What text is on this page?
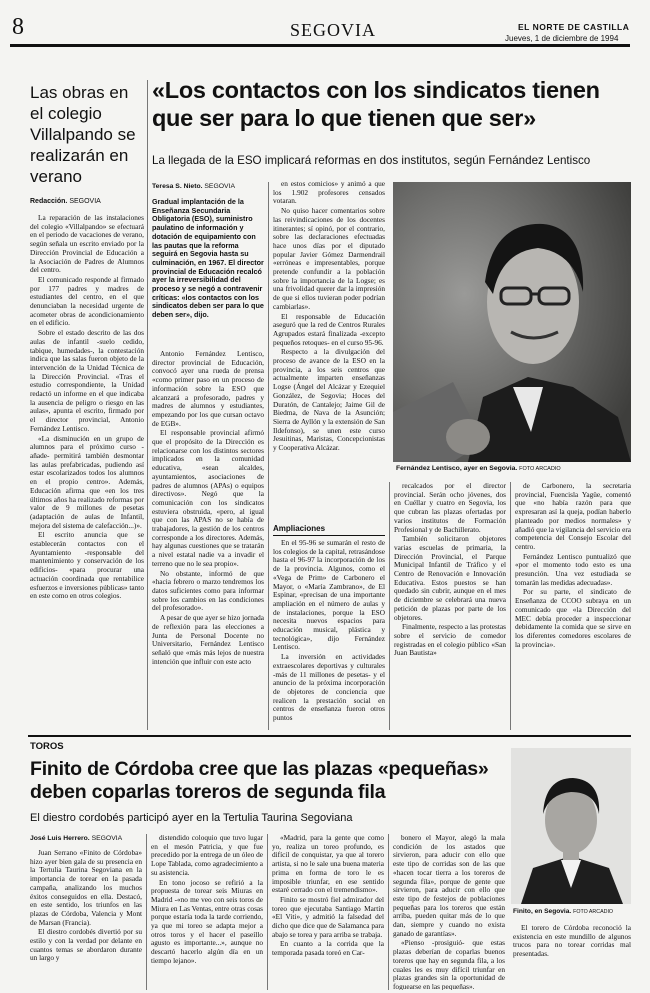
8	SEGOVIA	EL NORTE DE CASTILLA
Jueves, 1 de diciembre de 1994
Las obras en el colegio Villalpando se realizarán en verano
Redacción. SEGOVIA

La reparación de las instalaciones del colegio «Villalpando» se efectuará en el periodo de vacaciones de verano, según señala un escrito enviado por la Dirección Provincial de Educación a la Asociación de Padres de Alumnos del centro.

El comunicado responde al firmado por 177 padres y madres de estudiantes del centro, en el que denunciaban la necesidad urgente de acometer obras de acondicionamiento en el edificio.

Sobre el estado descrito de las dos aulas de infantil -suelo cedido, tabique, humedades-, la contestación indica que las salas fueron objeto de la intervención de la Unidad Técnica de la Dirección Provincial. «Tras el estudio correspondiente, la Unidad redactó un informe en el que indicaba la ausencia de peligro o riesgo en las aulas», apunta el escrito, firmado por el director provincial, Antonio Fernández Lentisco.

«La disminución en un grupo de alumnos para el próximo curso -añade- permitirá también desmontar las aulas prefabricadas, pudiendo así estar escolarizados todos los alumnos en el propio centro». Además, Educación afirma que «en los tres últimos años ha realizado reformas por valor de 9 millones de pesetas (adaptación de aulas de Infantil, mejora del sistema de calefacción...)».

El escrito anuncia que se establecerán contactos con el Ayuntamiento -responsable del mantenimiento y conservación de los edificios- «para procurar una actuación coordinada que rentabilice esfuerzos e inversiones públicas» tanto en este como en otros colegios.

«Los contactos con los sindicatos tienen que ser para lo que tienen que ser»
La llegada de la ESO implicará reformas en dos institutos, según Fernández Lentisco
Teresa S. Nieto. SEGOVIA
Gradual implantación de la Enseñanza Secundaria Obligatoria (ESO), suministro paulatino de información y dotación de equipamiento con las pautas que la reforma seguirá en Segovia hasta su culminación, en 1967. El director provincial de Educación recalcó ayer la irreversibilidad del proceso y se negó a contravenir críticas: «los contactos con los sindicatos deben ser para lo que deben ser», dijo.

Antonio Fernández Lentisco, director provincial de Educación, convocó ayer una rueda de prensa «como primer paso en un proceso de información sobre la ESO que alcanzará a profesorado, padres y madres de alumnos y estudiantes, empezando por los que cursan octavo de EGB».

El responsable provincial afirmó que el propósito de la Dirección es relacionarse con los distintos sectores implicados en la comunidad educativa, «sean alcaldes, ayuntamientos, asociaciones de padres de alumnos (APAs) o equipos directivos». Negó que la comunicación con los sindicatos estuviera obstruida, «pero, al igual que con las APAS no se había de trabajadores, la gestión de los centros corresponde a los directores. Además, hay algunas cuestiones que se tratarán a nivel estatal nadie va a invadir el terreno que no le sea propio».

No obstante, informó de que «hacia febrero o marzo tendremos los datos suficientes como para informar sobre los cambios en las condiciones del profesorado».

A pesar de que ayer se hizo jornada de reflexión para las elecciones a Junta de Personal Docente no Universitario, Fernández Lentisco señaló que «más más lejos de nuestra intención que influir con este acto

en estos comicios» y animó a que los 1.902 profesores censados votaran.

No quiso hacer comentarios sobre las reivindicaciones de los docentes itinerantes; sí opinó, por el contrario, sobre las declaraciones efectuadas hace unos días por el diputado popular Javier Gómez Darmendrail «erróneas e impresentables, porque pretende confundir a la población sobre la importancia de la Logse; es una frivolidad querer dar la impresión de que si ellos tuvieran poder podrían cambiarlas».

El responsable de Educación aseguró que la red de Centros Rurales Agrupados estará finalizada -excepto pequeños retoques- en el curso 95-96.

Respecto a la divulgación del proceso de avance de la ESO en la provincia, a los seis centros que actualmente imparten enseñanzas Logse (Ángel del Alcázar y Ezequiel González, de Segovia; Hoces del Duratón, de Cantalejo; Jaime Gil de Biedma, de Nava de la Asunción; Sierra de Ayllón y la extensión de San Ildefonso), se unen este curso Jesuitinas, Maristas, Concepcionistas y Cooperativa Alcázar.

Fernández Lentisco, ayer en Segovia. FOTO ARCADIO
Ampliaciones

En el 95-96 se sumarán el resto de los colegios de la capital, retrasándose hasta el 96-97 la incorporación de los de la provincia. Algunos, como el «Vega de Prim» de Carbonero el Mayor, o «María Zambrano», de El Espinar, «precisan de una importante ampliación en el número de aulas y de instalaciones, porque la ESO necesita nuevos espacios para educación musical, plástica y tecnológica», dijo Fernández Lentisco.

La inversión en actividades extraescolares deportivas y culturales -más de 11 millones de pesetas- y el anuncio de la próxima incorporación de objetores de conciencia que realicen la prestación social en centros de enseñanza fueron otros puntos

recalcados por el director provincial. Serán ocho jóvenes, dos en Cuéllar y cuatro en Segovia, los que cubran las plazas ofertadas por varios institutos de Formación Profesional y de Bachillerato.

También solicitaron objetores varias escuelas de primaria, la Dirección Provincial, el Parque Municipal Infantil de Tráfico y el Centro de Renovación e Innovación Educativa. Estos puestos se han quedado sin cubrir, aunque en el mes de diciembre se celebrará una nueva petición de plazas por parte de los objetores.

Finalmente, respecto a las protestas sobre el servicio de comedor registradas en el colegio público «San Juan Bautista»

de Carbonero, la secretaria provincial, Fuencisla Yagüe, comentó que «no había razón para que expresaran así la queja, podían haberlo planteado por medios normales» y añadió que la vigilancia del servicio era competencia del Consejo Escolar del centro.

Fernández Lentisco puntualizó que «por el momento todo esto es una presunción. Una vez estudiada se tomarán las medidas adecuadas».

Por su parte, el sindicato de Enseñanza de CCOO subraya en un comunicado que «la Dirección del MEC debía proceder a inspeccionar debidamente la comida que se sirve en los diferentes comedores escolares de la provincia».

TOROS
Finito de Córdoba cree que las plazas «pequeñas» deben coparlas toreros de segunda fila
El diestro cordobés participó ayer en la Tertulia Taurina Segoviana
José Luis Herrero. SEGOVIA

Juan Serrano «Finito de Córdoba» hizo ayer bien gala de su presencia en la Tertulia Taurina Segoviana en la importancia de torear en la pasada campaña, analizando los muchos éxitos conseguidos en ella. Destacó, en este sentido, los triunfos en las plazas de Córdoba, Valencia y Mont de Marsan (Francia).

El diestro cordobés divertió por su estilo y con la verdad por delante en cuantos temas se abordaron durante un largo y

distendido coloquio que tuvo lugar en el mesón Patricia, y que fue precedido por la entrega de un óleo de Lope Tablada, como agradecimiento a su asistencia.

En tono jocoso se refirió a la propuesta de torear seis Miuras en Madrid -«no me veo con seis toros de Miura en Las Ventas, entre otras cosas porque estaría toda la tarde corriendo, ya que mi toreo se adapta mejor a otros toros y el hacer el paseíllo agusto es importante...», aunque no descartó hacerlo algún día en un tiempo lejano».

«Madrid, para la gente que como yo, realiza un toreo profundo, es difícil de conquistar, ya que al torero artista, si no le sale una buena materia prima en forma de toro le es imposible triunfar, en ese sentido estaré cerrado con el tremendismo».

Finito se mostró fiel admirador del toreo que ejecutaba Santiago Martín «El Viti», y admitió la falsedad del dicho que dice que de Salamanca para abajo se torea y para arriba se trabaja.

En cuanto a la corrida que la temporada pasada toreó en Car-

bonero el Mayor, alegó la mala condición de los astados que sirvieron, para aducir con ello que este tipo de corridas son de las que «hacen tocar tierra a los toreros de segunda fila», porque de gente que sirvieron, para aducir con ello que este tipo de festejos de poblaciones pequeñas para los toreros que están arriba, pueden quitar más de lo que dan, siempre y cuando no exista ganado de garantías».

«Pienso -prosiguió- que estas plazas deberían de coparlas buenos toreros que hay en segunda fila, a los cuales les es muy difícil triunfar en plazas grandes sin la oportunidad de foguearse en las pequeñas».

Finito, en Segovia. FOTO ARCADIO

El torero de Córdoba reconoció la existencia en este mundillo de algunos trucos para no torear corridas mal presentadas.
